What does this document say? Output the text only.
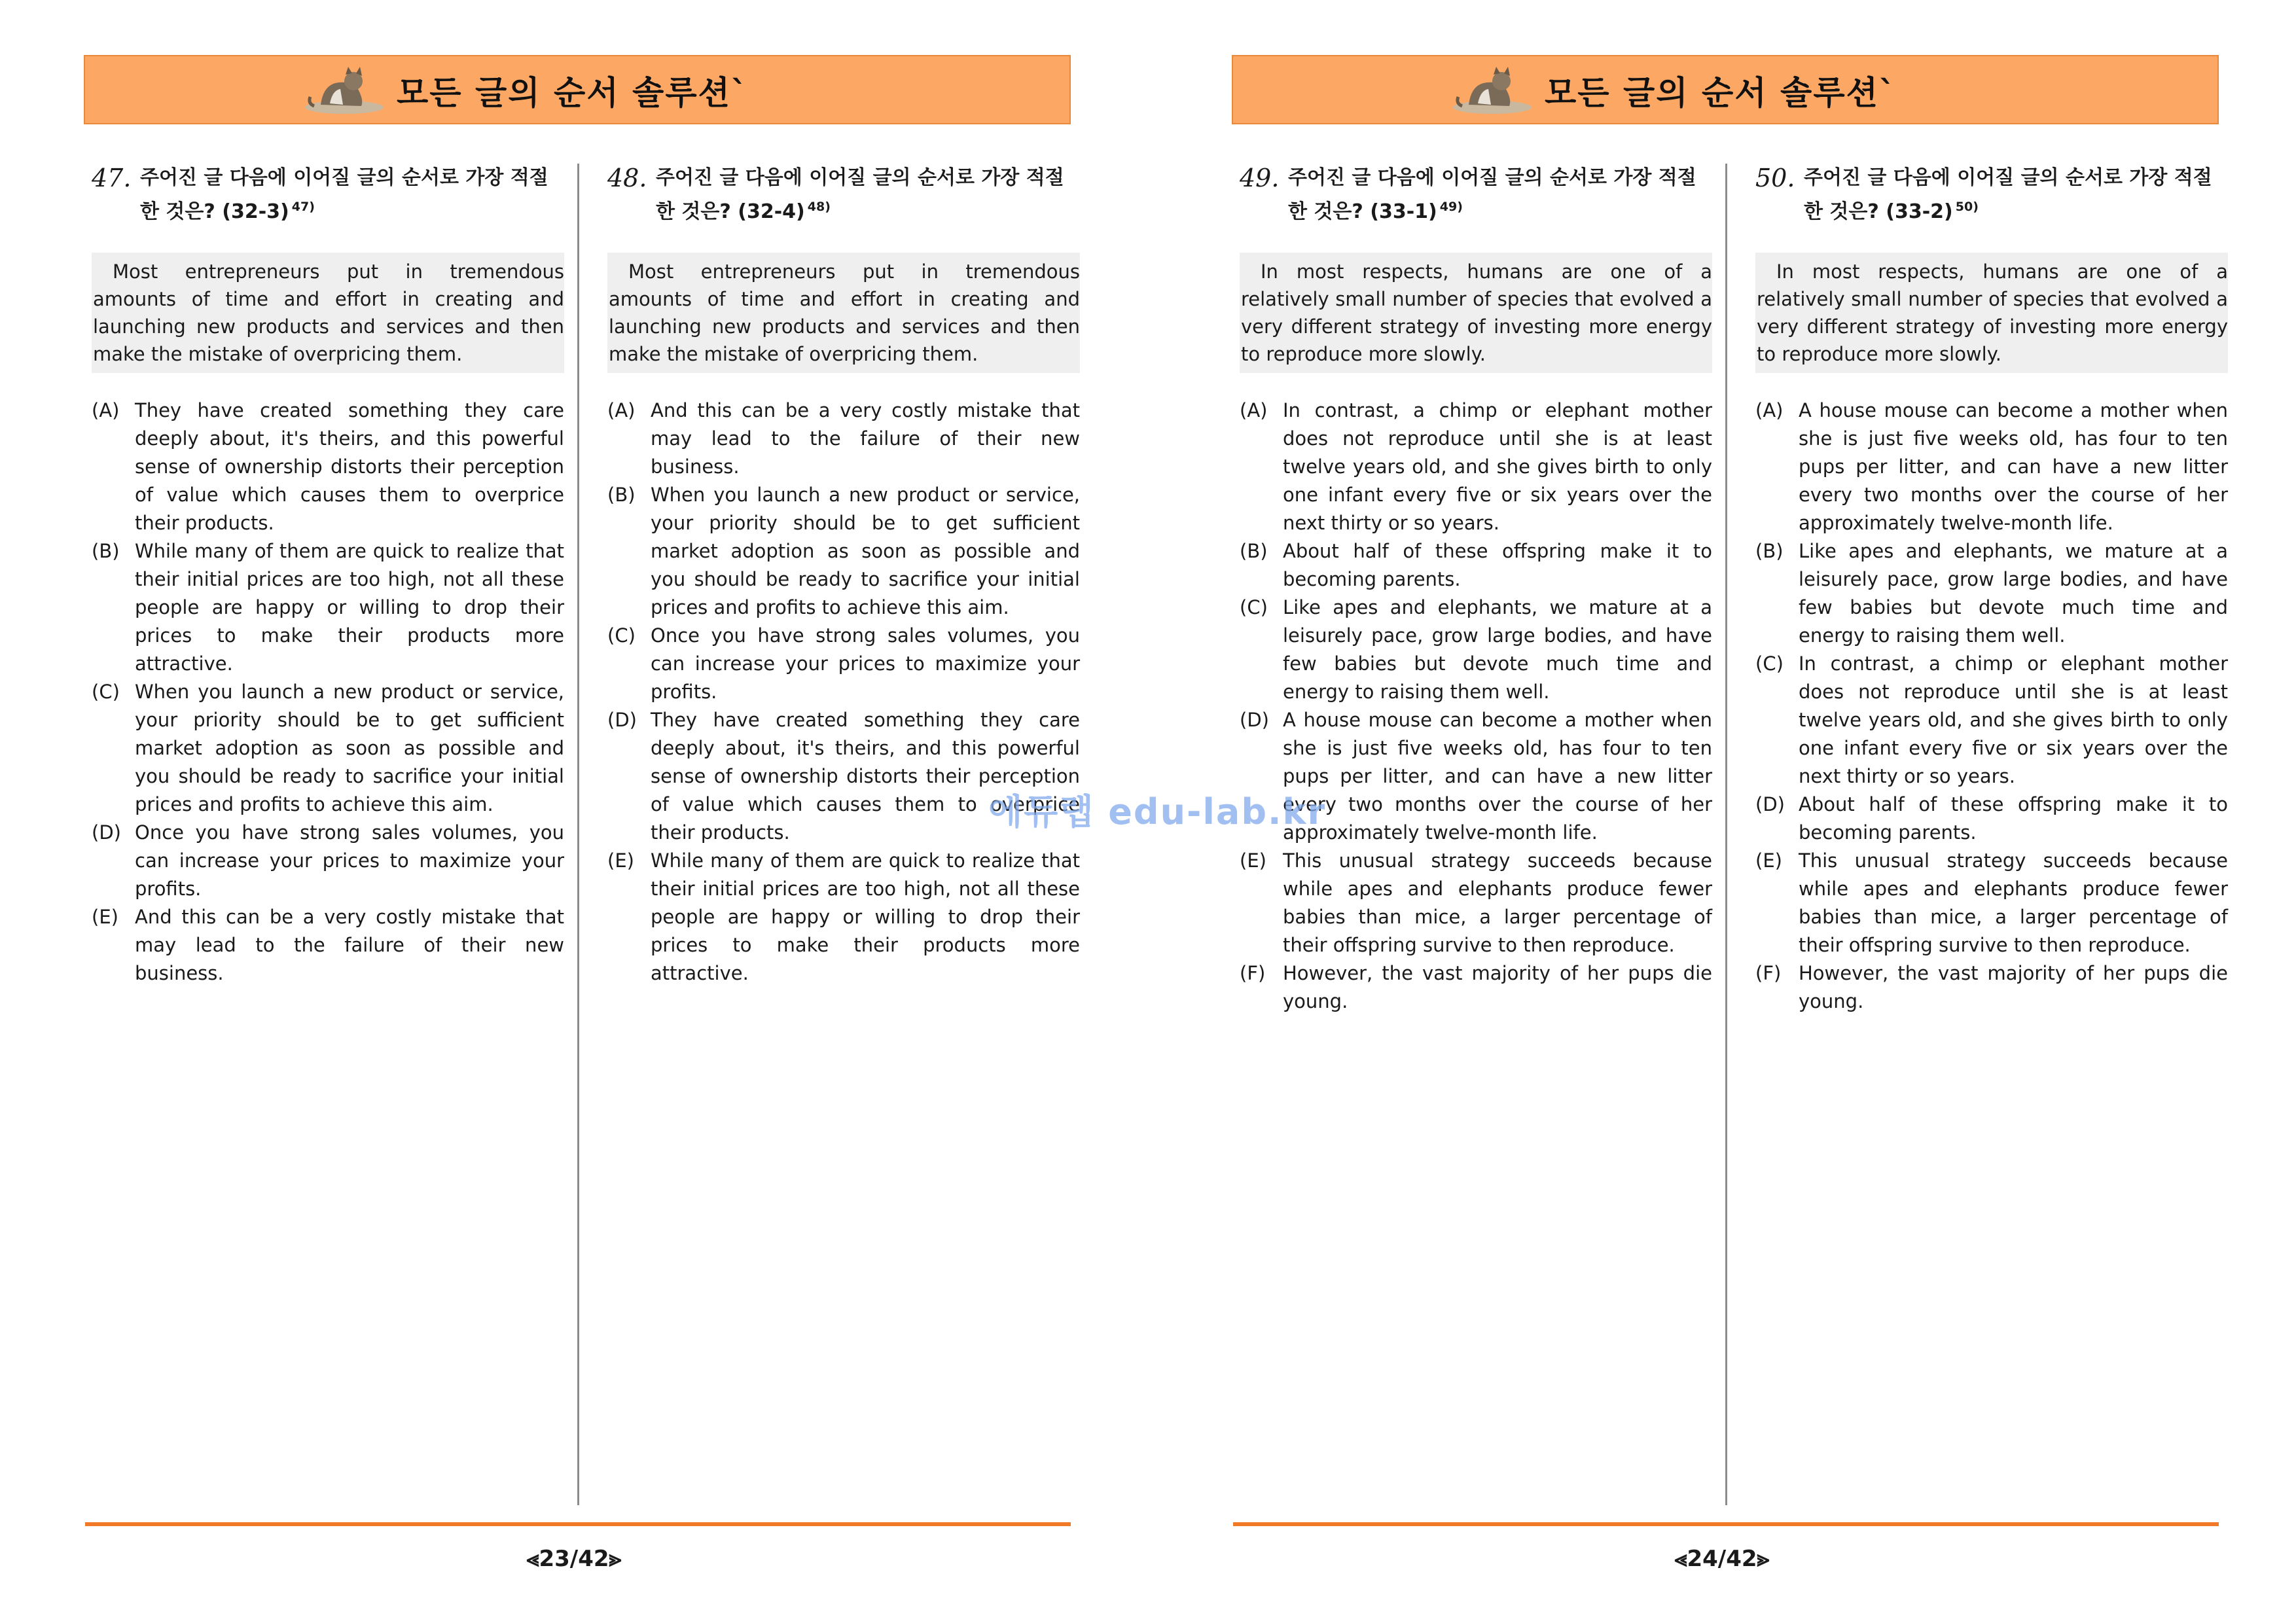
모든 글의 순서 솔루션`
47. 주어진 글 다음에 이어질 글의 순서로 가장 적절한 것은? (32-3) $^{47)}$
Most entrepreneurs put in tremendous amounts of time and effort in creating and launching new products and services and then make the mistake of overpricing them.
(A) They have created something they care deeply about, it's theirs, and this powerful sense of ownership distorts their perception of value which causes them to overprice their products.
(B) While many of them are quick to realize that their initial prices are too high, not all these people are happy or willing to drop their prices to make their products more attractive.
(C) When you launch a new product or service, your priority should be to get sufficient market adoption as soon as possible and you should be ready to sacrifice your initial prices and profits to achieve this aim.
(D) Once you have strong sales volumes, you can increase your prices to maximize your profits.
(E) And this can be a very costly mistake that may lead to the failure of their new business.
48. 주어진 글 다음에 이어질 글의 순서로 가장 적절한 것은? (32-4) $^{48)}$
Most entrepreneurs put in tremendous amounts of time and effort in creating and launching new products and services and then make the mistake of overpricing them.
(A) And this can be a very costly mistake that may lead to the failure of their new business.
(B) When you launch a new product or service, your priority should be to get sufficient market adoption as soon as possible and you should be ready to sacrifice your initial prices and profits to achieve this aim.
(C) Once you have strong sales volumes, you can increase your prices to maximize your profits.
(D) They have created something they care deeply about, it's theirs, and this powerful sense of ownership distorts their perception of value which causes them to overprice their products.
(E) While many of them are quick to realize that their initial prices are too high, not all these people are happy or willing to drop their prices to make their products more attractive.
⪡23/42⪢
모든 글의 순서 솔루션`
49. 주어진 글 다음에 이어질 글의 순서로 가장 적절한 것은? (33-1) $^{49)}$
In most respects, humans are one of a relatively small number of species that evolved a very different strategy of investing more energy to reproduce more slowly.
(A) In contrast, a chimp or elephant mother does not reproduce until she is at least twelve years old, and she gives birth to only one infant every five or six years over the next thirty or so years.
(B) About half of these offspring make it to becoming parents.
(C) Like apes and elephants, we mature at a leisurely pace, grow large bodies, and have few babies but devote much time and energy to raising them well.
(D) A house mouse can become a mother when she is just five weeks old, has four to ten pups per litter, and can have a new litter every two months over the course of her approximately twelve-month life.
(E) This unusual strategy succeeds because while apes and elephants produce fewer babies than mice, a larger percentage of their offspring survive to then reproduce.
(F) However, the vast majority of her pups die young.
50. 주어진 글 다음에 이어질 글의 순서로 가장 적절한 것은? (33-2) $^{50)}$
In most respects, humans are one of a relatively small number of species that evolved a very different strategy of investing more energy to reproduce more slowly.
(A) A house mouse can become a mother when she is just five weeks old, has four to ten pups per litter, and can have a new litter every two months over the course of her approximately twelve-month life.
(B) Like apes and elephants, we mature at a leisurely pace, grow large bodies, and have few babies but devote much time and energy to raising them well.
(C) In contrast, a chimp or elephant mother does not reproduce until she is at least twelve years old, and she gives birth to only one infant every five or six years over the next thirty or so years.
(D) About half of these offspring make it to becoming parents.
(E) This unusual strategy succeeds because while apes and elephants produce fewer babies than mice, a larger percentage of their offspring survive to then reproduce.
(F) However, the vast majority of her pups die young.
⪡24/42⪢
에듀랩 edu-lab.kr
